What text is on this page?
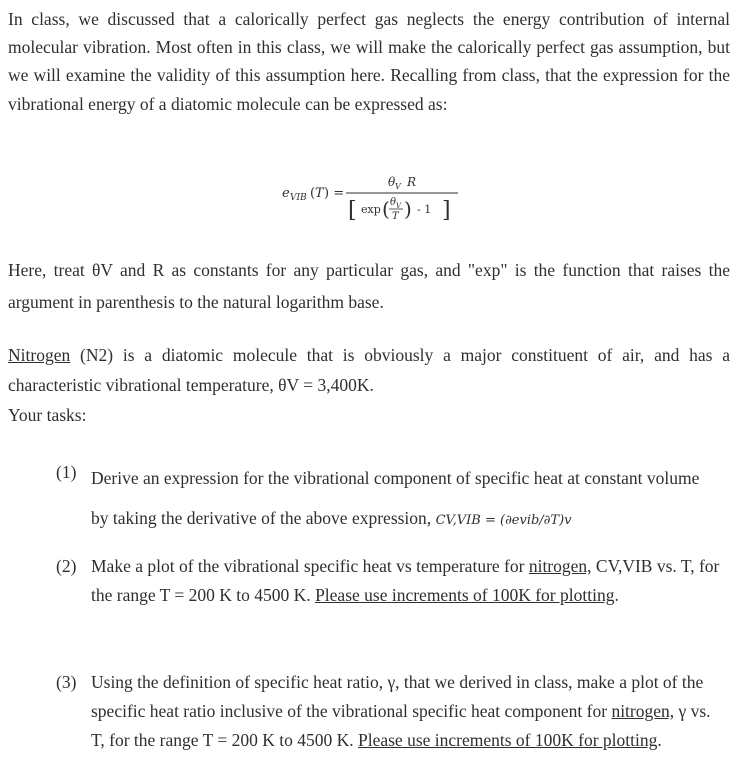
In class, we discussed that a calorically perfect gas neglects the energy contribution of internal molecular vibration. Most often in this class, we will make the calorically perfect gas assumption, but we will examine the validity of this assumption here. Recalling from class, that the expression for the vibrational energy of a diatomic molecule can be expressed as:
e VIB ( T ) =
θ V R
[ exp ( θ V
T ) - 1 ]
Here, treat θV and R as constants for any particular gas, and "exp" is the function that raises the argument in parenthesis to the natural logarithm base.
Nitrogen (N2) is a diatomic molecule that is obviously a major constituent of air, and has a characteristic vibrational temperature, θV = 3,400K.
Your tasks:
(1) Derive an expression for the vibrational component of specific heat at constant volume by taking the derivative of the above expression, CV,VIB = (∂evib/∂T)v
(2) Make a plot of the vibrational specific heat vs temperature for nitrogen, CV,VIB vs. T, for the range T = 200 K to 4500 K. Please use increments of 100K for plotting.
(3) Using the definition of specific heat ratio, γ, that we derived in class, make a plot of the specific heat ratio inclusive of the vibrational specific heat component for nitrogen, γ vs. T, for the range T = 200 K to 4500 K. Please use increments of 100K for plotting.
